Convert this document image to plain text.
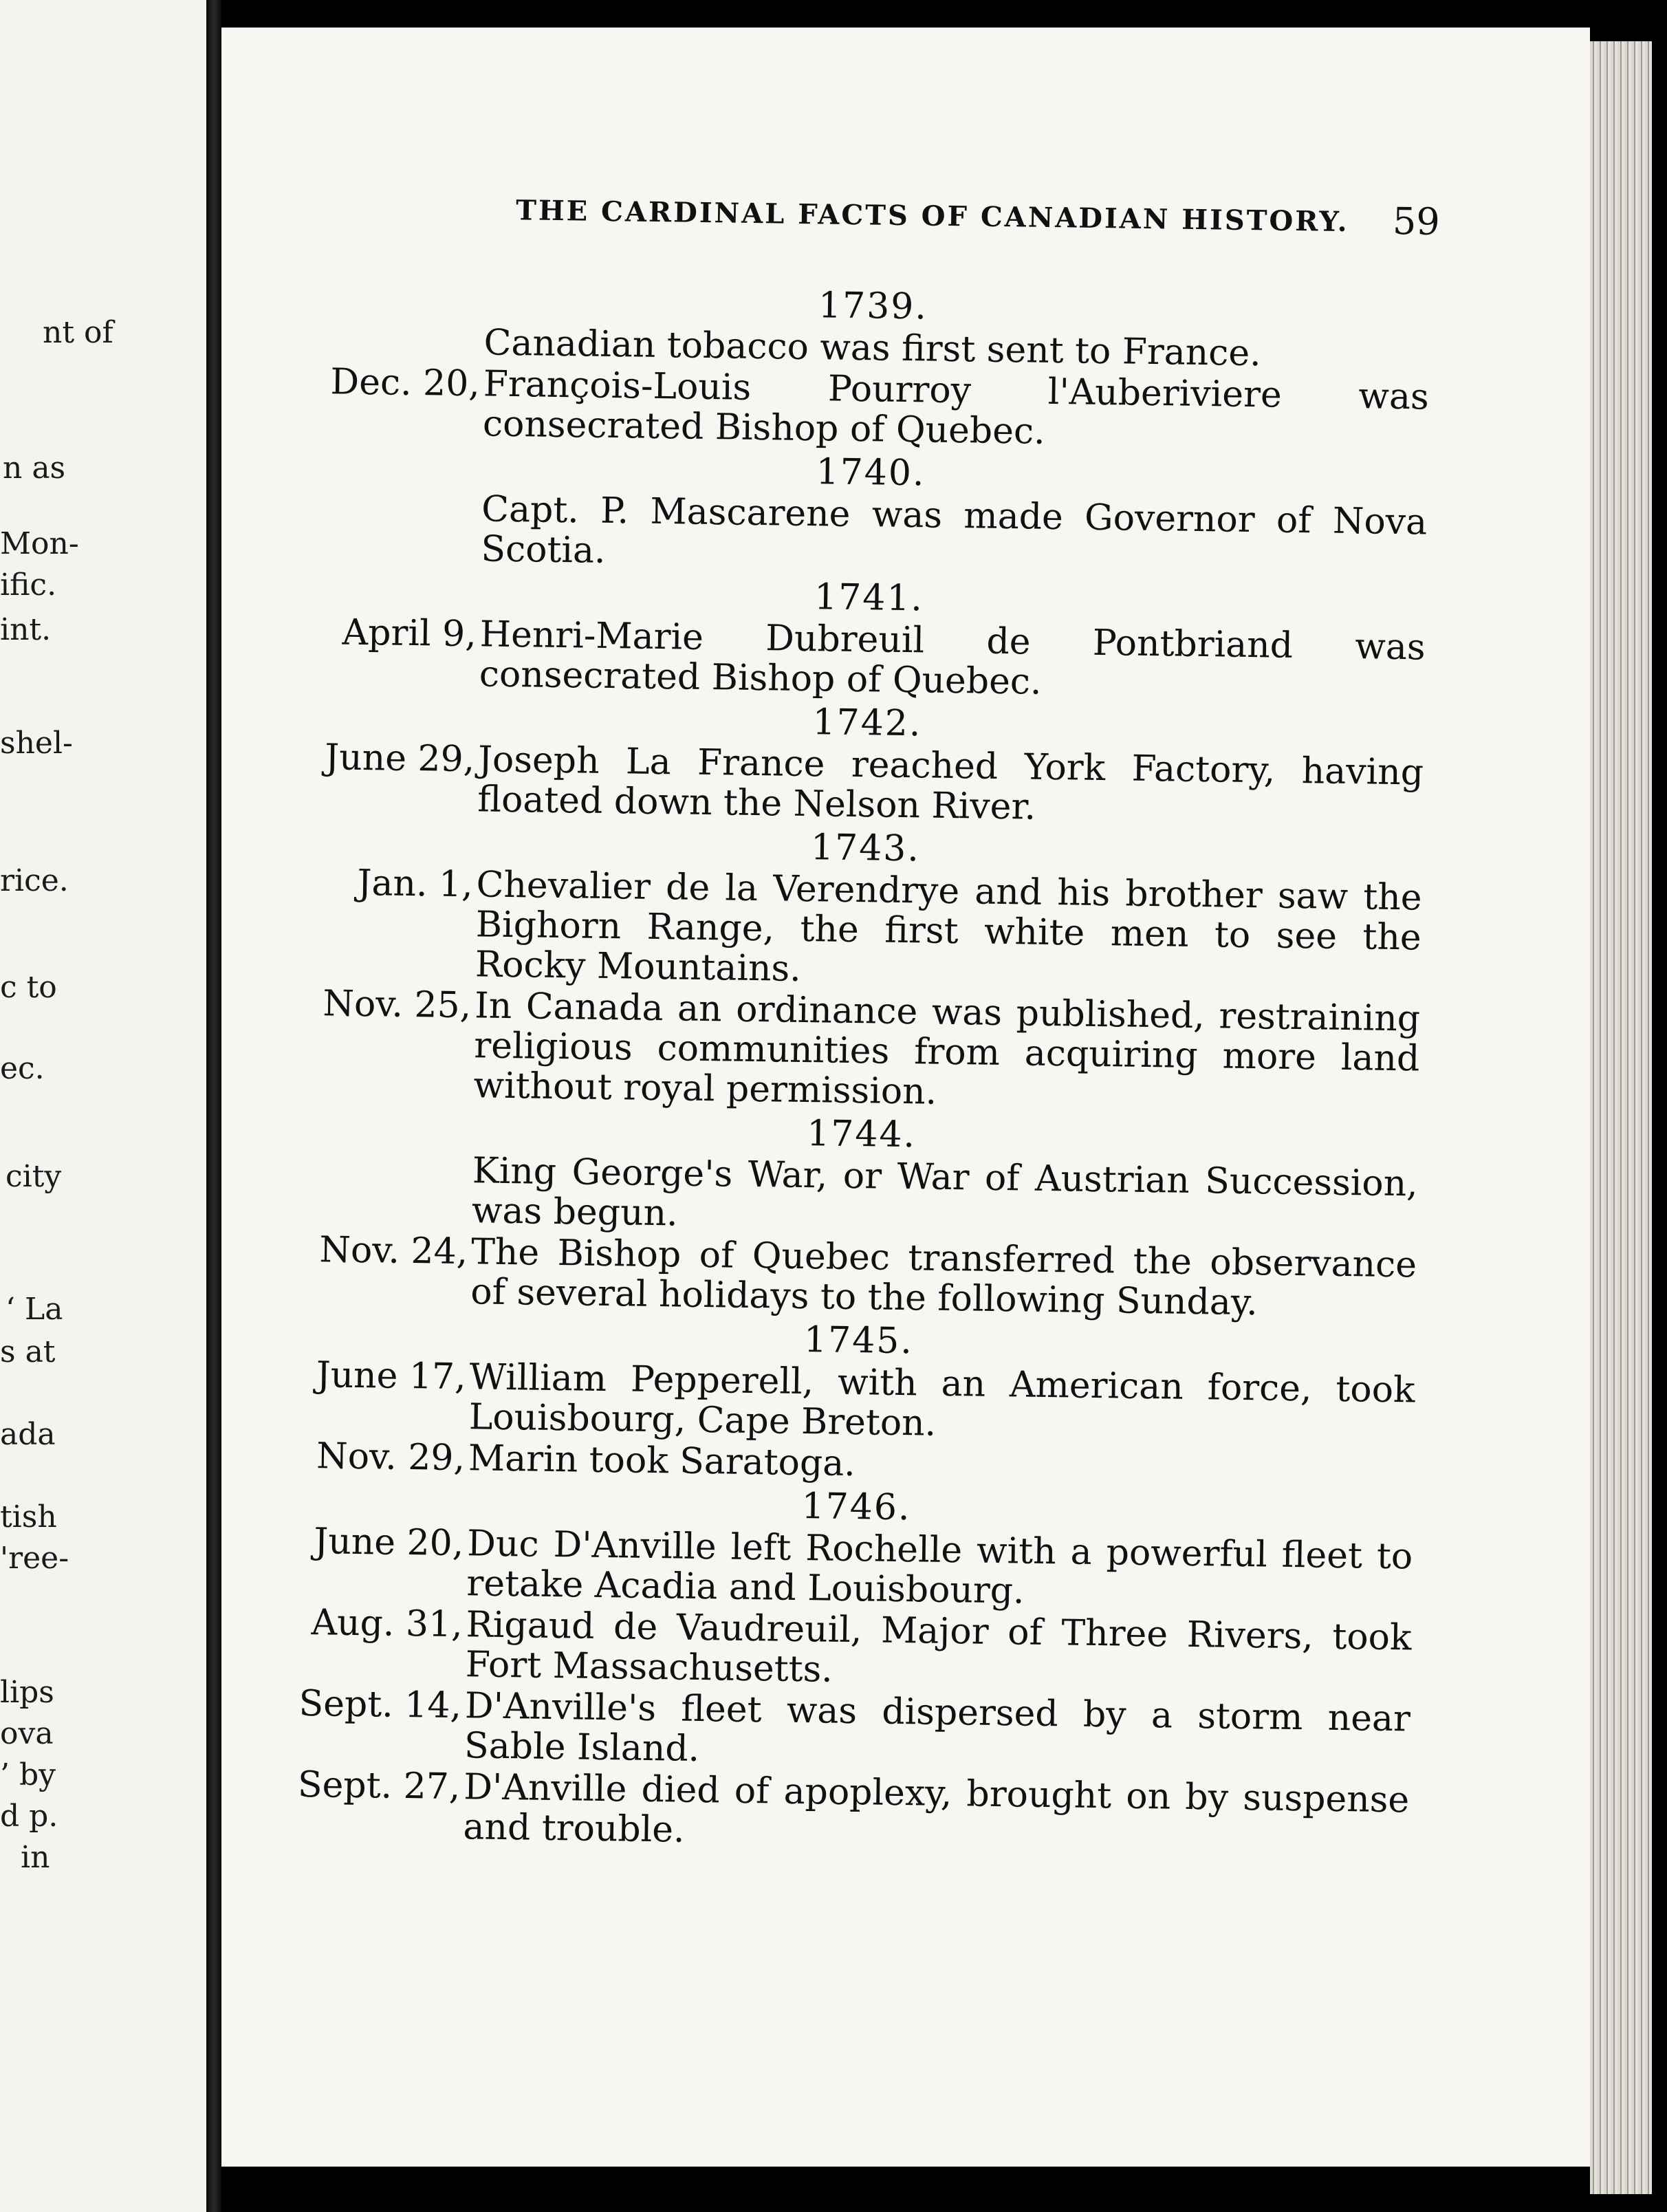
nt of
n as
Mon-
ific.
int.
shel-
rice.
c to
ec.
city
‘ La
s at
ada
tish
'ree-
lips
ova
’ by
d p.
in
THE CARDINAL FACTS OF CANADIAN HISTORY. 59
1739.
Canadian tobacco was first sent to France.
Dec. 20, François-Louis Pourroy l'Auberiviere was consecrated Bishop of Quebec.
1740.
Capt. P. Mascarene was made Governor of Nova Scotia.
1741.
April 9, Henri-Marie Dubreuil de Pontbriand was consecrated Bishop of Quebec.
1742.
June 29, Joseph La France reached York Factory, having floated down the Nelson River.
1743.
Jan. 1, Chevalier de la Verendrye and his brother saw the Bighorn Range, the first white men to see the Rocky Mountains.
Nov. 25, In Canada an ordinance was published, restraining religious communities from acquiring more land without royal permission.
1744.
King George's War, or War of Austrian Succession, was begun.
Nov. 24, The Bishop of Quebec transferred the observance of several holidays to the following Sunday.
1745.
June 17, William Pepperell, with an American force, took Louisbourg, Cape Breton.
Nov. 29, Marin took Saratoga.
1746.
June 20, Duc D'Anville left Rochelle with a powerful fleet to retake Acadia and Louisbourg.
Aug. 31, Rigaud de Vaudreuil, Major of Three Rivers, took Fort Massachusetts.
Sept. 14, D'Anville's fleet was dispersed by a storm near Sable Island.
Sept. 27, D'Anville died of apoplexy, brought on by suspense and trouble.
